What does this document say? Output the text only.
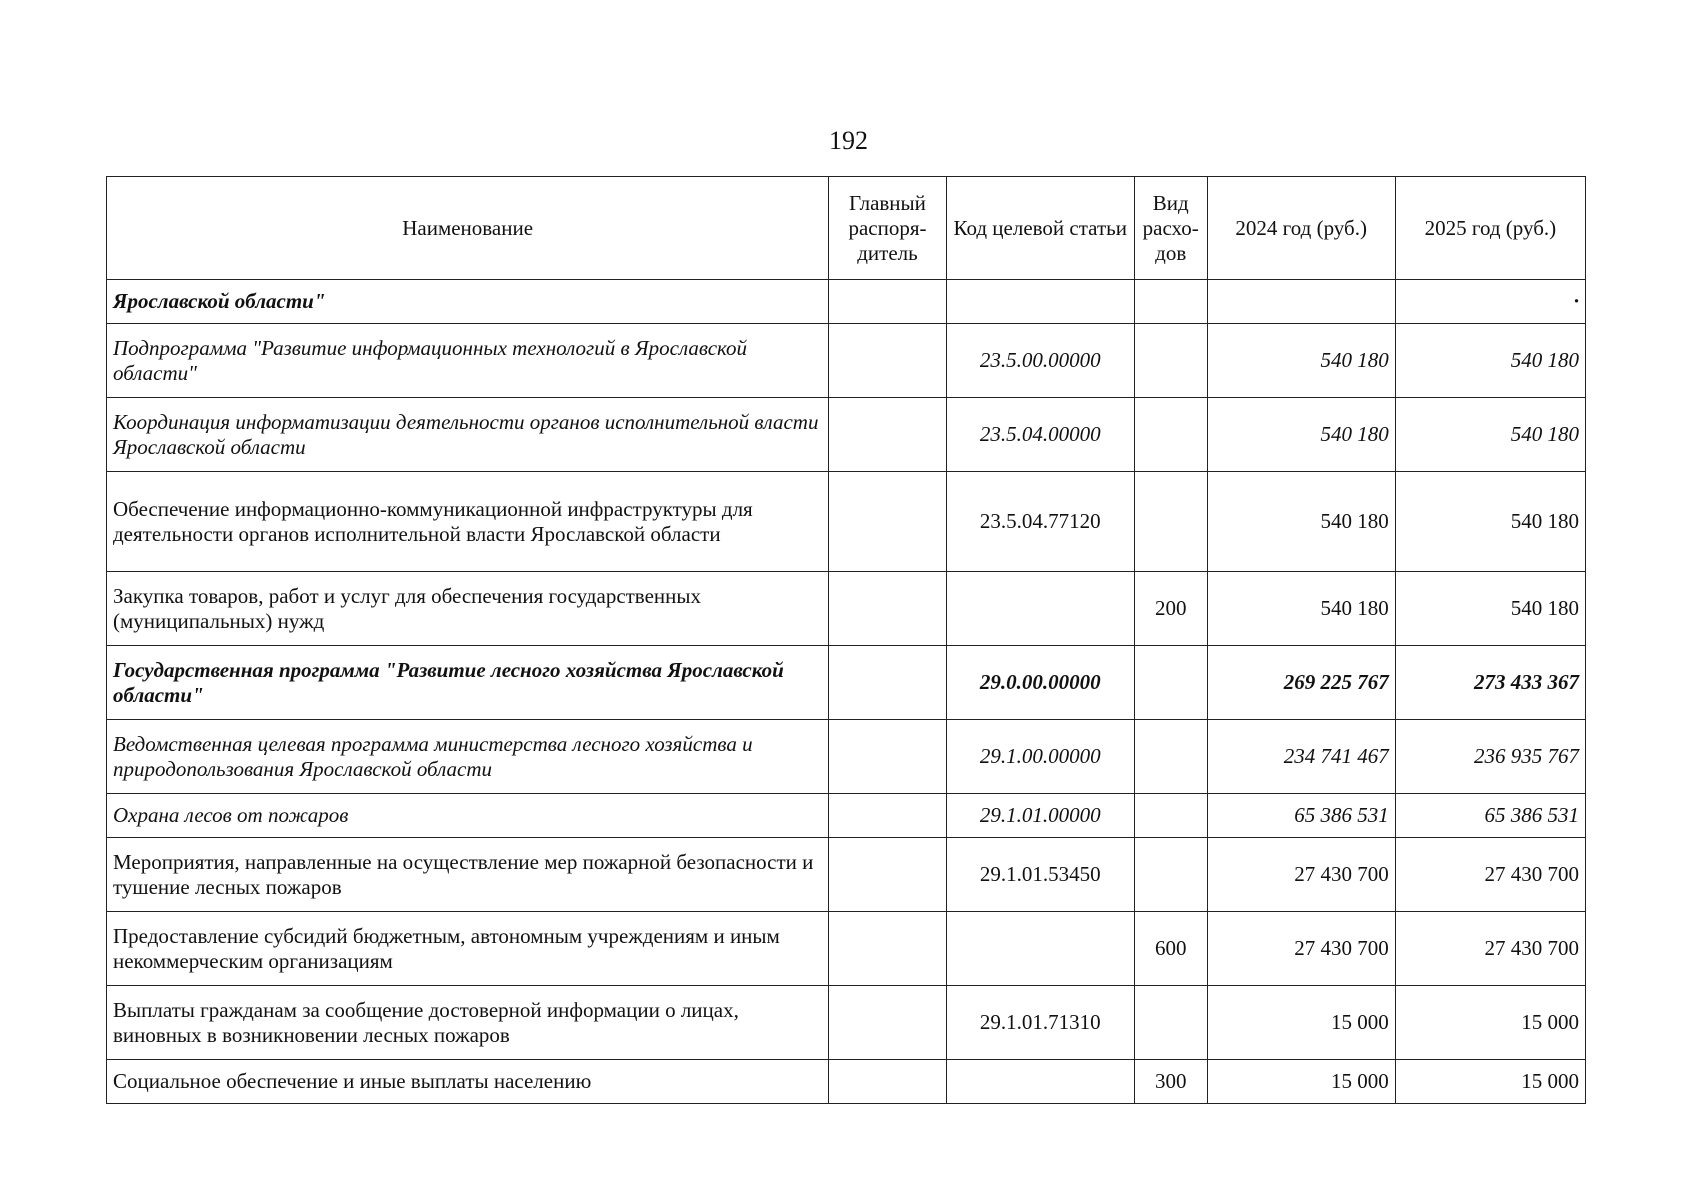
192
Наименование	Главный распоря-дитель	Код целевой статьи	Вид расхо-дов	2024 год (руб.)	2025 год (руб.)
Ярославской области"					·
Подпрограмма "Развитие информационных технологий в Ярославской области"		23.5.00.00000		540 180	540 180
Координация информатизации деятельности органов исполнительной власти Ярославской области		23.5.04.00000		540 180	540 180
Обеспечение информационно-коммуникационной инфраструктуры для деятельности органов исполнительной власти Ярославской области		23.5.04.77120		540 180	540 180
Закупка товаров, работ и услуг для обеспечения государственных (муниципальных) нужд			200	540 180	540 180
Государственная программа "Развитие лесного хозяйства Ярославской области"		29.0.00.00000		269 225 767	273 433 367
Ведомственная целевая программа министерства лесного хозяйства и природопользования Ярославской области		29.1.00.00000		234 741 467	236 935 767
Охрана лесов от пожаров		29.1.01.00000		65 386 531	65 386 531
Мероприятия, направленные на осуществление мер пожарной безопасности и тушение лесных пожаров		29.1.01.53450		27 430 700	27 430 700
Предоставление субсидий бюджетным, автономным учреждениям и иным некоммерческим организациям			600	27 430 700	27 430 700
Выплаты гражданам за сообщение достоверной информации о лицах, виновных в возникновении лесных пожаров		29.1.01.71310		15 000	15 000
Социальное обеспечение и иные выплаты населению			300	15 000	15 000
